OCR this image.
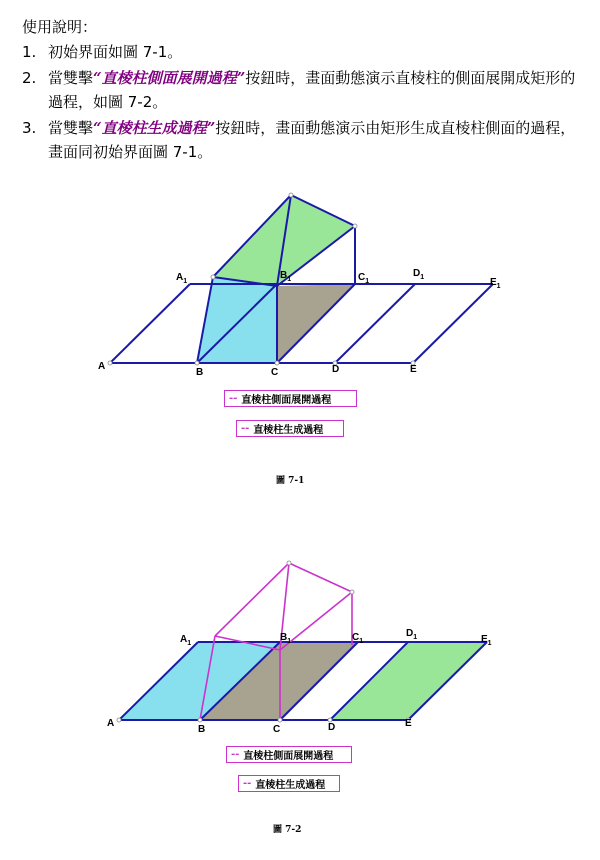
使用說明：
1. 初始界面如圖 7-1。
2. 當雙擊“直棱柱側面展開過程”按鈕時，畫面動態演示直棱柱的側面展開成矩形的過程，如圖 7-2。
3. 當雙擊“直棱柱生成過程”按鈕時，畫面動態演示由矩形生成直棱柱側面的過程，畫面同初始界面圖 7-1。
A
B	C	D	E
$A_1$
$B_1$	$C_1$
$D_1$	$E_1$
-- 直棱柱側面展開過程
-- 直棱柱生成過程
圖 7-1
A
B	C	D	E
$A_1$
$B_1$	$C_1$
$D_1$	$E_1$
-- 直棱柱側面展開過程
-- 直棱柱生成過程
圖 7-2
